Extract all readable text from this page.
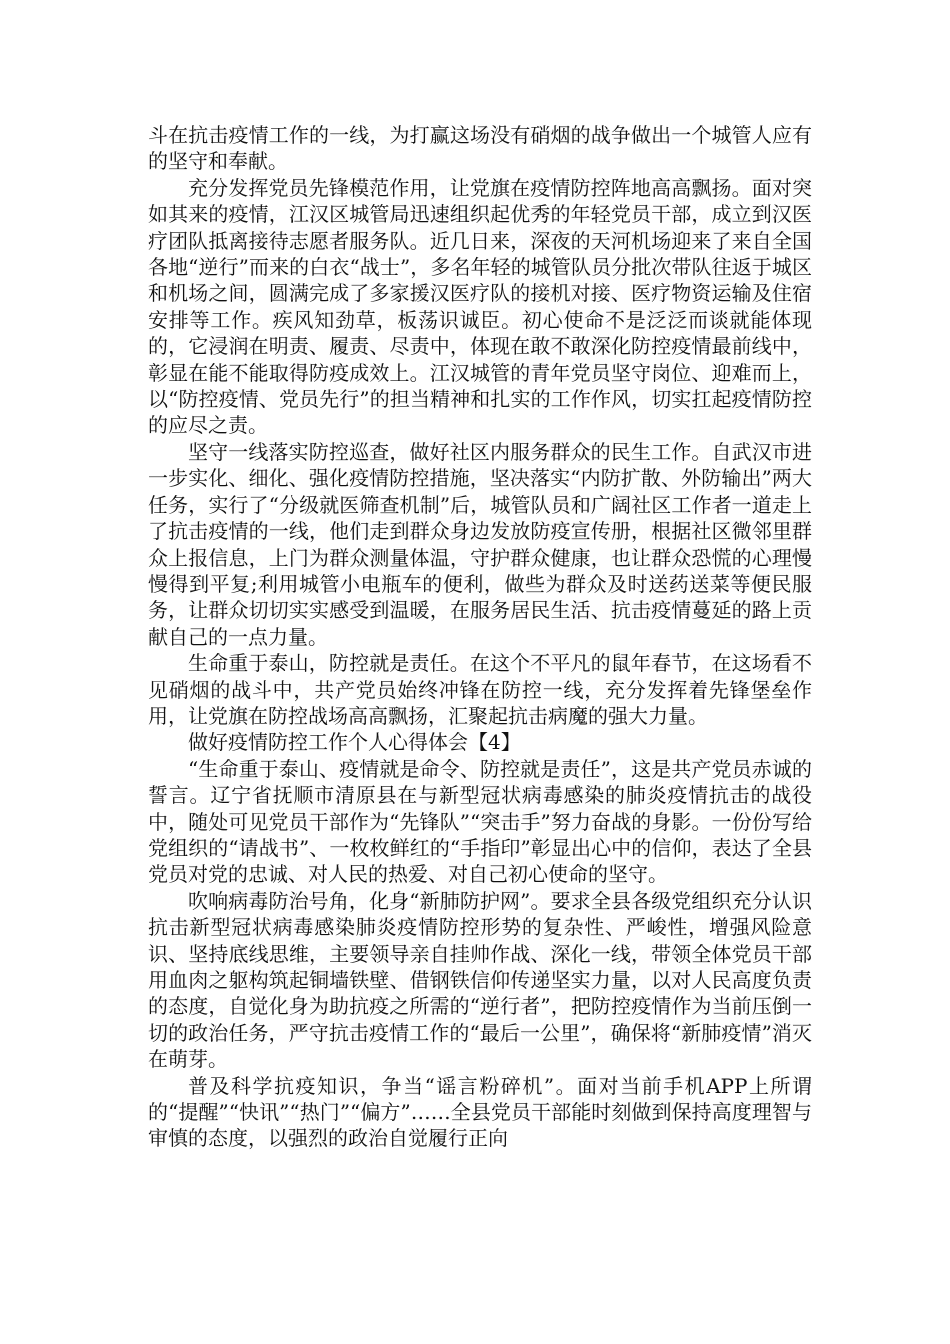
斗在抗击疫情工作的一线，为打赢这场没有硝烟的战争做出一个城管人应有的坚守和奉献。

充分发挥党员先锋模范作用，让党旗在疫情防控阵地高高飘扬。面对突如其来的疫情，江汉区城管局迅速组织起优秀的年轻党员干部，成立到汉医疗团队抵离接待志愿者服务队。近几日来，深夜的天河机场迎来了来自全国各地“逆行”而来的白衣“战士”，多名年轻的城管队员分批次带队往返于城区和机场之间，圆满完成了多家援汉医疗队的接机对接、医疗物资运输及住宿安排等工作。疾风知劲草，板荡识诚臣。初心使命不是泛泛而谈就能体现的，它浸润在明责、履责、尽责中，体现在敢不敢深化防控疫情最前线中，彰显在能不能取得防疫成效上。江汉城管的青年党员坚守岗位、迎难而上，以“防控疫情、党员先行”的担当精神和扎实的工作作风，切实扛起疫情防控的应尽之责。

坚守一线落实防控巡查，做好社区内服务群众的民生工作。自武汉市进一步实化、细化、强化疫情防控措施，坚决落实“内防扩散、外防输出”两大任务，实行了“分级就医筛查机制”后，城管队员和广阔社区工作者一道走上了抗击疫情的一线，他们走到群众身边发放防疫宣传册，根据社区微邻里群众上报信息，上门为群众测量体温，守护群众健康，也让群众恐慌的心理慢慢得到平复;利用城管小电瓶车的便利，做些为群众及时送药送菜等便民服务，让群众切切实实感受到温暖，在服务居民生活、抗击疫情蔓延的路上贡献自己的一点力量。

生命重于泰山，防控就是责任。在这个不平凡的鼠年春节，在这场看不见硝烟的战斗中，共产党员始终冲锋在防控一线，充分发挥着先锋堡垒作用，让党旗在防控战场高高飘扬，汇聚起抗击病魔的强大力量。

做好疫情防控工作个人心得体会【4】

“生命重于泰山、疫情就是命令、防控就是责任”，这是共产党员赤诚的誓言。辽宁省抚顺市清原县在与新型冠状病毒感染的肺炎疫情抗击的战役中，随处可见党员干部作为“先锋队”“突击手”努力奋战的身影。一份份写给党组织的“请战书”、一枚枚鲜红的“手指印”彰显出心中的信仰，表达了全县党员对党的忠诚、对人民的热爱、对自己初心使命的坚守。

吹响病毒防治号角，化身“新肺防护网”。要求全县各级党组织充分认识抗击新型冠状病毒感染肺炎疫情防控形势的复杂性、严峻性，增强风险意识、坚持底线思维，主要领导亲自挂帅作战、深化一线，带领全体党员干部用血肉之躯构筑起铜墙铁壁、借钢铁信仰传递坚实力量，以对人民高度负责的态度，自觉化身为助抗疫之所需的“逆行者”，把防控疫情作为当前压倒一切的政治任务，严守抗击疫情工作的“最后一公里”，确保将“新肺疫情”消灭在萌芽。

普及科学抗疫知识，争当“谣言粉碎机”。面对当前手机APP上所谓的“提醒”“快讯”“热门”“偏方”……全县党员干部能时刻做到保持高度理智与审慎的态度，以强烈的政治自觉履行正向
